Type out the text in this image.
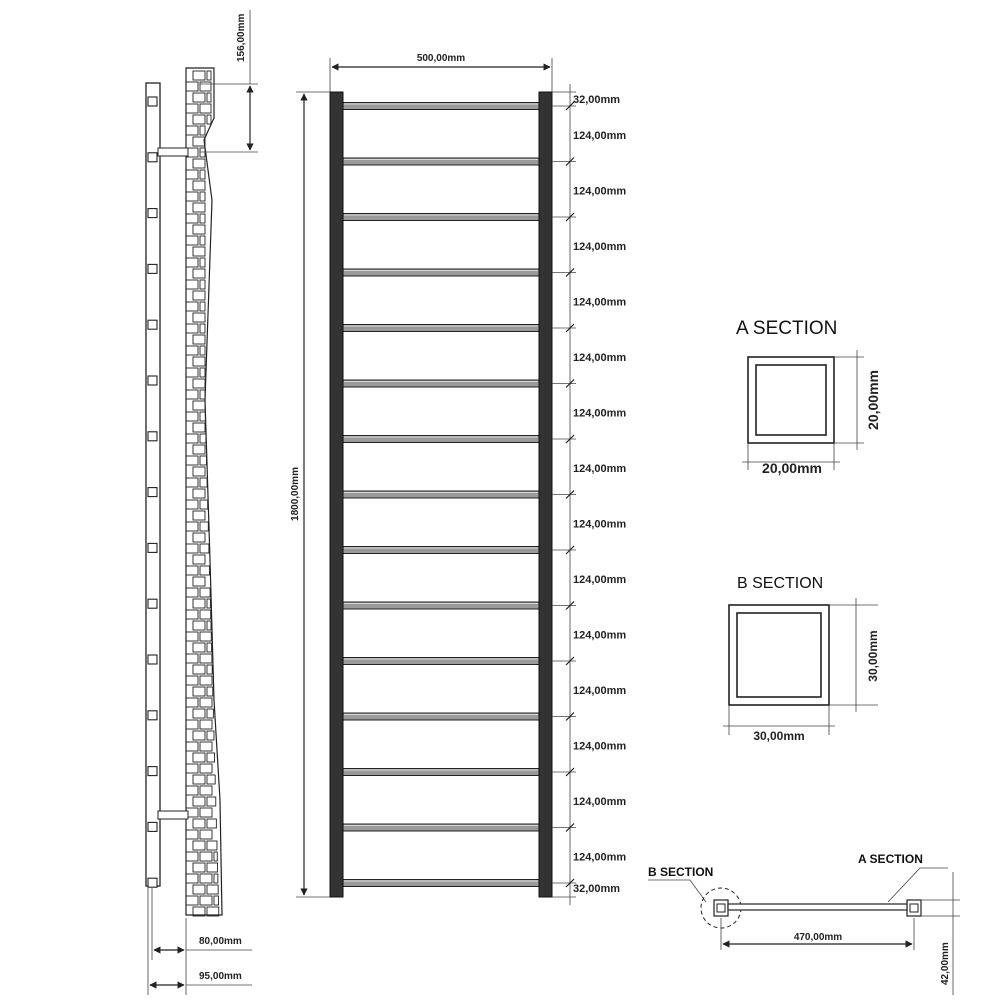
156,00mm
80,00mm
95,00mm
500,00mm
1800,00mm
32,00mm
124,00mm
124,00mm
124,00mm
124,00mm
124,00mm
124,00mm
124,00mm
124,00mm
124,00mm
124,00mm
124,00mm
124,00mm
124,00mm
124,00mm
32,00mm
A SECTION
20,00mm
20,00mm
B SECTION
30,00mm
30,00mm
B SECTION
A SECTION
42,00mm
470,00mm
